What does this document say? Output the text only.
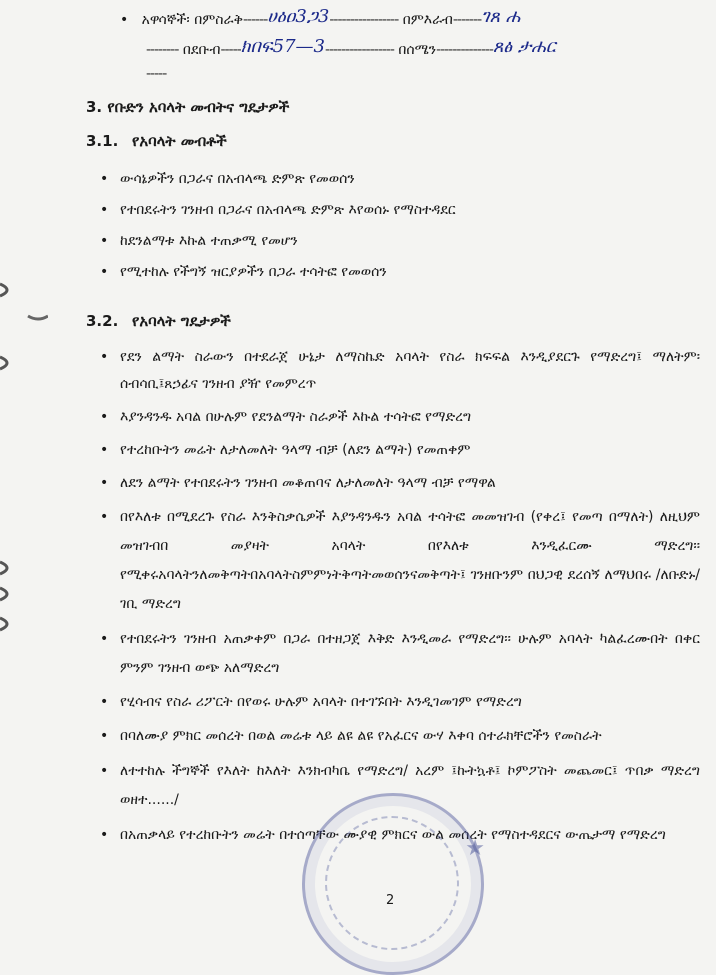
•   አዋሳኞች፡ በምስራቅ------ሀዕዐ3ጋ3----------------- በምእራብ-------ገጸ ሐ
-------- በደቡብ-----ክበፍ57—3----------------- በሰሜን--------------ጸፅ ታሐር
-----
3. የቡድን አባላት መብትና ግዴታዎች
3.1. የአባላት መብቶች
• ውሳኔዎችን በጋራና በአብላጫ ድምጽ የመወሰን
• የተበደሩትን ገንዘብ በጋራና በአብላጫ ድምጽ እየወሰኑ የማስተዳደር
• ከደንልማቱ እኩል ተጠቃሚ የመሆን
• የሚተከሉ የችግኝ ዝርያዎችን በጋራ ተሳትፎ የመወሰን
3.2. የአባላት ግዴታዎች
• የደን ልማት ስራውን በተደራጀ ሁኔታ ለማስኬድ አባላት የስራ ክፍፍል እንዲያደርጉ የማድረግ፤ ማለትም፡ ሰብሳቢ፤ጸኃፊና ገንዘብ ያዥ የመምረጥ
• እያንዳንዱ አባል በሁሉም የደንልማት ስራዎች እኩል ተሳትፎ የማድረግ
• የተረከቡትን መሬት ለታለመለት ዓላማ ብቻ (ለደን ልማት) የመጠቀም
• ለደን ልማት የተበደሩትን ገንዘብ መቆጠባና ለታለመለት ዓላማ ብቻ የማዋል
• በየእለቱ በሚደረጉ የስራ እንቅስቃሴዎች እያንዳንዱን አባል ተሳትፎ መመዝገብ (የቀረ፤ የመጣ በማለት) ለዚህም መዝገብበ መያዛት አባላት በየእለቱ እንዲፈርሙ ማድረግ፡፡ የሚቀሩአባላትንለመቅጣትበአባላትስምምነትቅጣትመወሰንናመቅጣት፤ ገንዘቡንም በህጋዊ ደረሰኝ ለማህበሩ /ለቡድኑ/ ገቢ ማድረግ
• የተበደሩትን ገንዘብ አጠቃቀም በጋራ በተዘጋጀ እቅድ እንዲመራ የማድረግ፡፡ ሁሉም አባላት ካልፈረሙበት በቀር ምንም ገንዘብ ወጭ አለማድረግ
• የሂሳብና የስራ ሪፖርት በየወሩ ሁሉም አባላት በተገኙበት እንዲገመገም የማድረግ
• በባለሙያ ምክር መሰረት በወል መሬቱ ላይ ልዩ ልዩ የአፈርና ውሃ እቀባ ሰተራክቸሮችን የመስራት
• ለተተከሉ ችግኞች የእለት ከእለት እንክብካቤ የማድረግ/ አረም ፤ኩትኳቶ፤ ኮምፖስት መጨመር፤ ጥበቃ ማድረግ ወዘተ....../
• በአጠቃላይ የተረከቡትን መሬት በተሰጣቸው ሙያዊ ምክርና ውል መሰረት የማስተዳደርና ውጤታማ የማድረግ
★
2
